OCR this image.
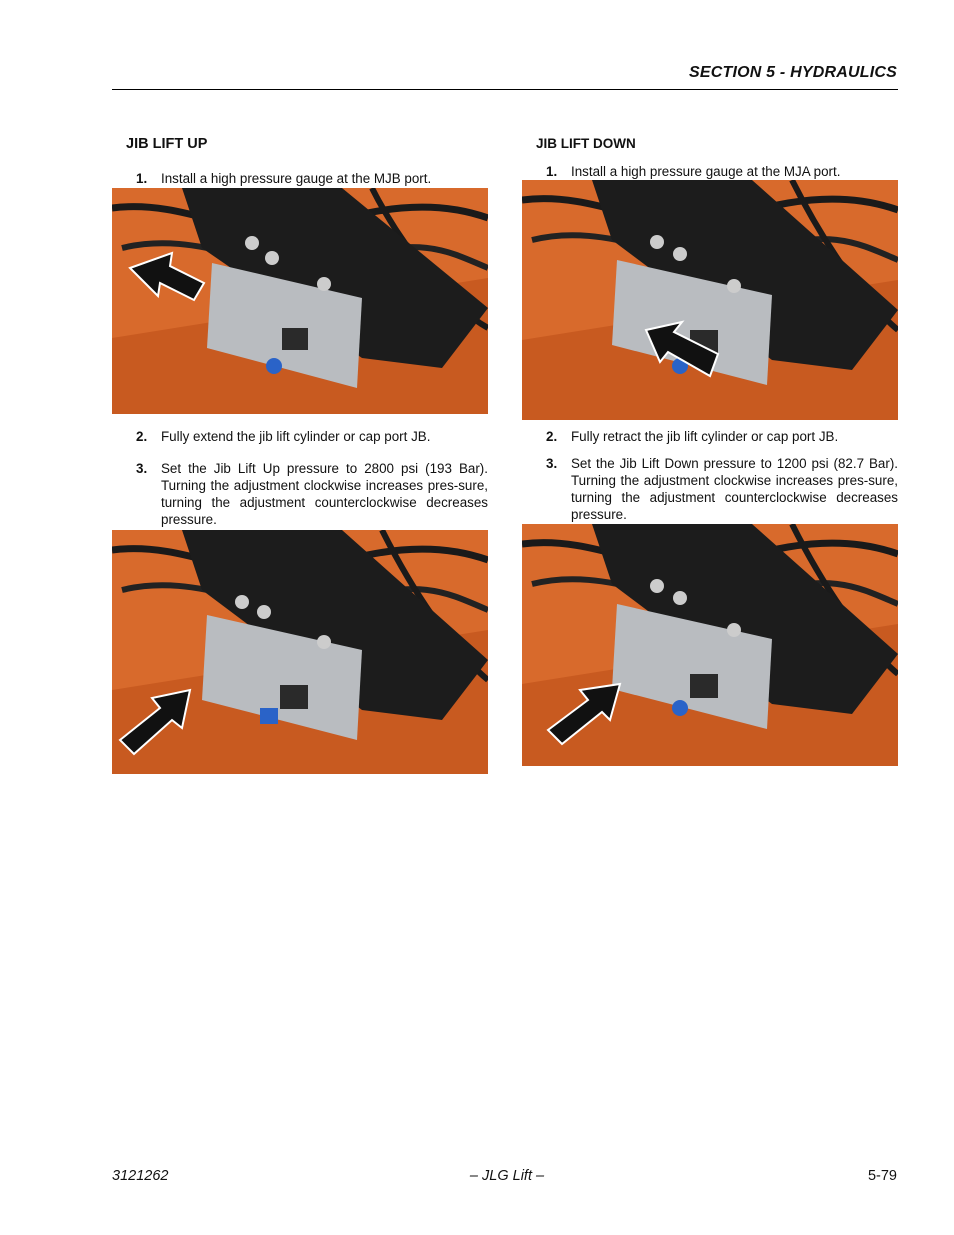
SECTION 5 - HYDRAULICS
JIB LIFT UP
1. Install a high pressure gauge at the MJB port.
2. Fully extend the jib lift cylinder or cap port JB.
3. Set the Jib Lift Up pressure to 2800 psi (193 Bar). Turning the adjustment clockwise increases pres-sure, turning the adjustment counterclockwise decreases pressure.
JIB LIFT DOWN
1. Install a high pressure gauge at the MJA port.
2. Fully retract the jib lift cylinder or cap port JB.
3. Set the Jib Lift Down pressure to 1200 psi (82.7 Bar). Turning the adjustment clockwise increases pres-sure, turning the adjustment counterclockwise decreases pressure.
3121262	– JLG Lift –	5-79
